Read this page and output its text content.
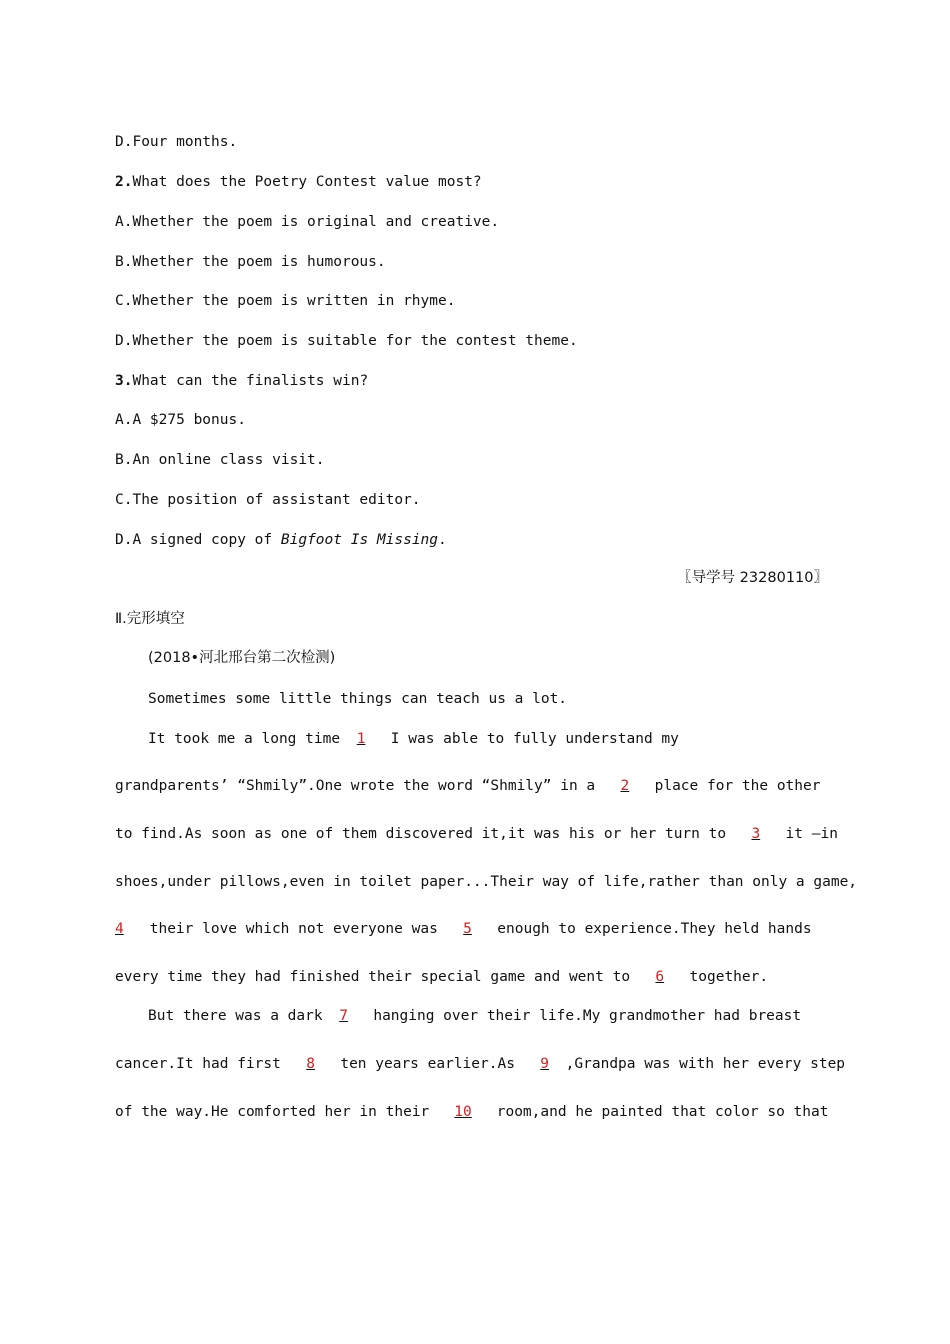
D.Four months.
2.What does the Poetry Contest value most?
A.Whether the poem is original and creative.
B.Whether the poem is humorous.
C.Whether the poem is written in rhyme.
D.Whether the poem is suitable for the contest theme.
3.What can the finalists win?
A.A $275 bonus.
B.An online class visit.
C.The position of assistant editor.
D.A signed copy of Bigfoot Is Missing.
〖导学号 23280110〗
Ⅱ.完形填空
(2018•河北邢台第二次检测)
Sometimes some little things can teach us a lot.
It took me a long time 1 I was able to fully understand my
grandparents’ “Shmily”.One wrote the word “Shmily” in a 2 place for the other
to find.As soon as one of them discovered it,it was his or her turn to 3 it —in
shoes,under pillows,even in toilet paper...Their way of life,rather than only a game,
4 their love which not everyone was 5 enough to experience.They held hands
every time they had finished their special game and went to 6 together.
But there was a dark 7 hanging over their life.My grandmother had breast
cancer.It had first 8 ten years earlier.As 9 ,Grandpa was with her every step
of the way.He comforted her in their 10 room,and he painted that color so that
